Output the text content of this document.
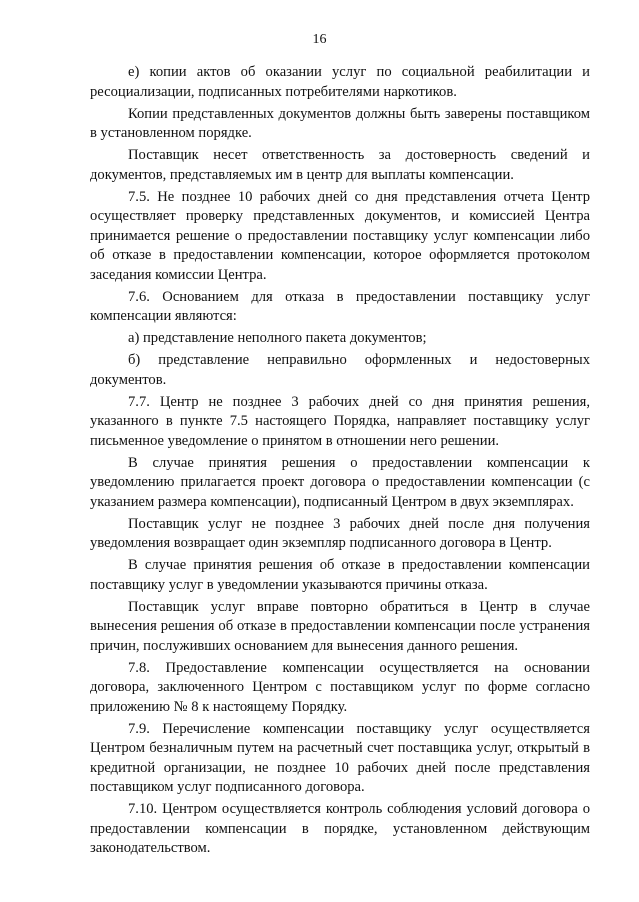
16

е) копии актов об оказании услуг по социальной реабилитации и ресоциализации, подписанных потребителями наркотиков.

Копии представленных документов должны быть заверены поставщиком в установленном порядке.

Поставщик несет ответственность за достоверность сведений и документов, представляемых им в центр для выплаты компенсации.

7.5. Не позднее 10 рабочих дней со дня представления отчета Центр осуществляет проверку представленных документов, и комиссией Центра принимается решение о предоставлении поставщику услуг компенсации либо об отказе в предоставлении компенсации, которое оформляется протоколом заседания комиссии Центра.

7.6. Основанием для отказа в предоставлении поставщику услуг компенсации являются:

а) представление неполного пакета документов;

б) представление неправильно оформленных и недостоверных документов.

7.7. Центр не позднее 3 рабочих дней со дня принятия решения, указанного в пункте 7.5 настоящего Порядка, направляет поставщику услуг письменное уведомление о принятом в отношении него решении.

В случае принятия решения о предоставлении компенсации к уведомлению прилагается проект договора о предоставлении компенсации (с указанием размера компенсации), подписанный Центром в двух экземплярах.

Поставщик услуг не позднее 3 рабочих дней после дня получения уведомления возвращает один экземпляр подписанного договора в Центр.

В случае принятия решения об отказе в предоставлении компенсации поставщику услуг в уведомлении указываются причины отказа.

Поставщик услуг вправе повторно обратиться в Центр в случае вынесения решения об отказе в предоставлении компенсации после устранения причин, послуживших основанием для вынесения данного решения.

7.8. Предоставление компенсации осуществляется на основании договора, заключенного Центром с поставщиком услуг по форме согласно приложению № 8 к настоящему Порядку.

7.9. Перечисление компенсации поставщику услуг осуществляется Центром безналичным путем на расчетный счет поставщика услуг, открытый в кредитной организации, не позднее 10 рабочих дней после представления поставщиком услуг подписанного договора.

7.10. Центром осуществляется контроль соблюдения условий договора о предоставлении компенсации в порядке, установленном действующим законодательством.
